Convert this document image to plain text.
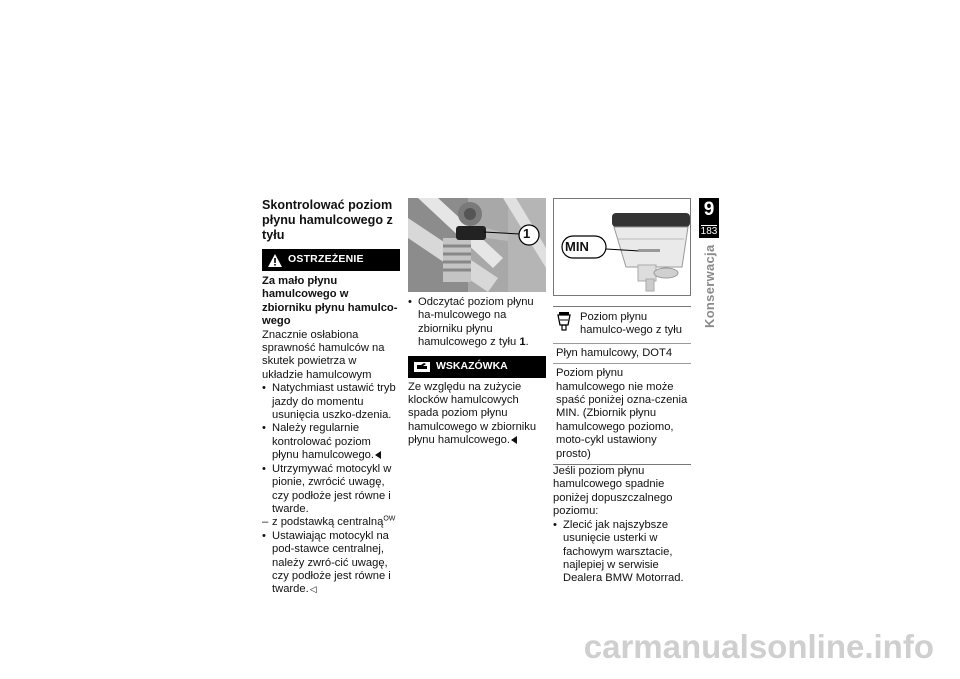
Skontrolować poziom płynu hamulcowego z tyłu
OSTRZEŻENIE

Za mało płynu hamulcowego w zbiorniku płynu hamulco-wego

Znacznie osłabiona sprawność hamulców na skutek powietrza w układzie hamulcowym

• Natychmiast ustawić tryb jazdy do momentu usunięcia uszko-dzenia.
• Należy regularnie kontrolować poziom płynu hamulcowego.
• Utrzymywać motocykl w pionie, zwrócić uwagę, czy podłoże jest równe i twarde.
– z podstawką centralną$^{OW}$
• Ustawiając motocykl na pod-stawce centralnej, należy zwró-cić uwagę, czy podłoże jest równe i twarde.◁
1
• Odczytać poziom płynu ha-mulcowego na zbiorniku płynu hamulcowego z tyłu 1.
WSKAZÓWKA

Ze względu na zużycie klocków hamulcowych spada poziom płynu hamulcowego w zbiorniku płynu hamulcowego.

MIN
Poziom płynu hamulco-wego z tyłu
Płyn hamulcowy, DOT4
Poziom płynu hamulcowego nie może spaść poniżej ozna-czenia MIN. (Zbiornik płynu hamulcowego poziomo, moto-cykl ustawiony prosto)

Jeśli poziom płynu hamulcowego spadnie poniżej dopuszczalnego poziomu:

• Zlecić jak najszybsze usunięcie usterki w fachowym warsztacie, najlepiej w serwisie Dealera BMW Motorrad.
9
183
Konserwacja
carmanualsonline.info
